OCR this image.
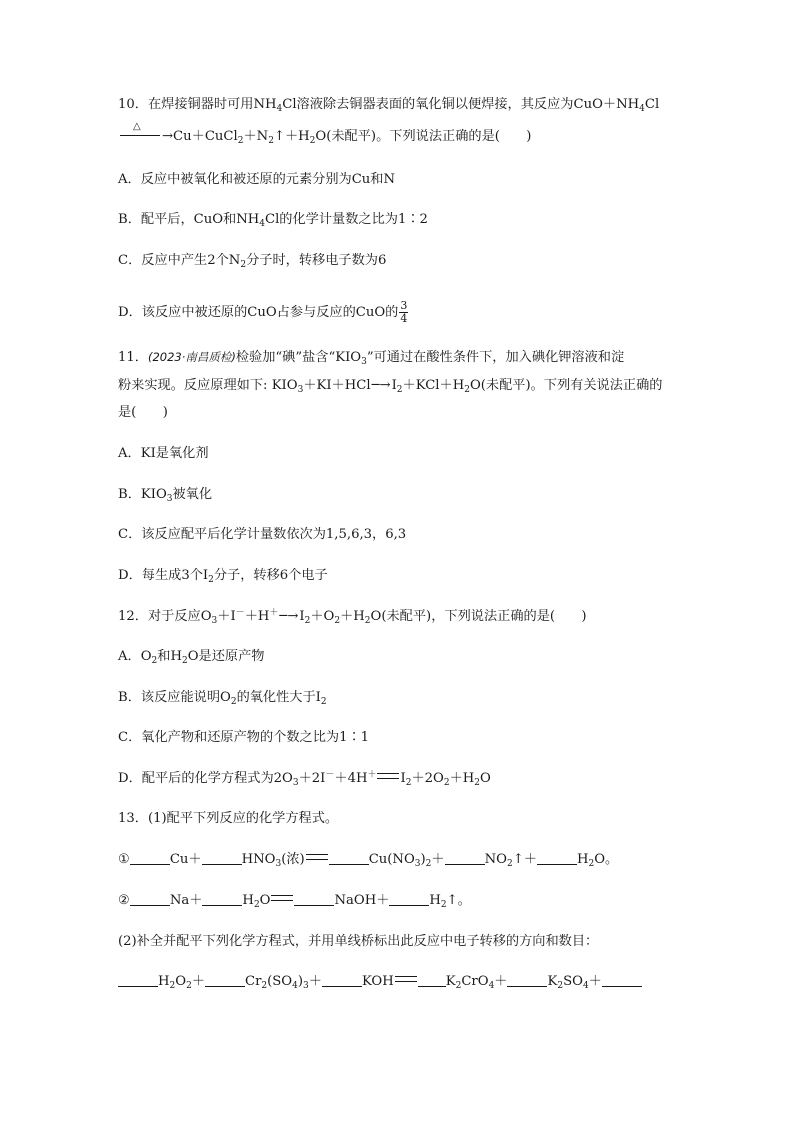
10．在焊接铜器时可用$NH_4Cl$溶液除去铜器表面的氧化铜以便焊接，其反应为$CuO+NH_4Cl$
△
$\to Cu+CuCl_2+N_2↑+H_2O$(未配平)。下列说法正确的是(　　)
A．反应中被氧化和被还原的元素分别为Cu和N
B．配平后，CuO和$NH_4Cl$的化学计量数之比为1∶2
C．反应中产生2个$N_2$分子时，转移电子数为6
D．该反应中被还原的CuO占参与反应的CuO的 $\frac{3}{4}$
11．(2023·南昌质检)检验加“碘”盐含“$KIO_3$”可通过在酸性条件下，加入碘化钾溶液和淀
粉来实现。反应原理如下: $KIO_3+KI+HCl─\to I_2+KCl+H_2O$(未配平)。下列有关说法正确的
是(　　)
A．KI是氧化剂
B．$KIO_3$被氧化
C．该反应配平后化学计量数依次为1,5,6,3，6,3
D．每生成3个$I_2$分子，转移6个电子
12．对于反应$O_3+I^-+H^+─\to I_2+O_2+H_2O$(未配平)，下列说法正确的是(　　)
A．$O_2$和$H_2O$是还原产物
B．该反应能说明$O_2$的氧化性大于$I_2$
C．氧化产物和还原产物的个数之比为1∶1
D．配平后的化学方程式为$2O_3+2I^-+4H^+$ $I_2+2O_2+H_2O$
13．(1)配平下列反应的化学方程式。
①	Cu＋	$HNO_3$(浓)	$Cu(NO_3)_2+$	$NO_2↑+$	$H_2O$。
②	Na＋	$H_2O$	NaOH＋	$H_2↑$。
(2)补全并配平下列化学方程式，并用单线桥标出此反应中电子转移的方向和数目：
$H_2O_2+$	$Cr_2(SO_4)_3+$	KOH	$K_2CrO_4+$	$K_2SO_4+$
